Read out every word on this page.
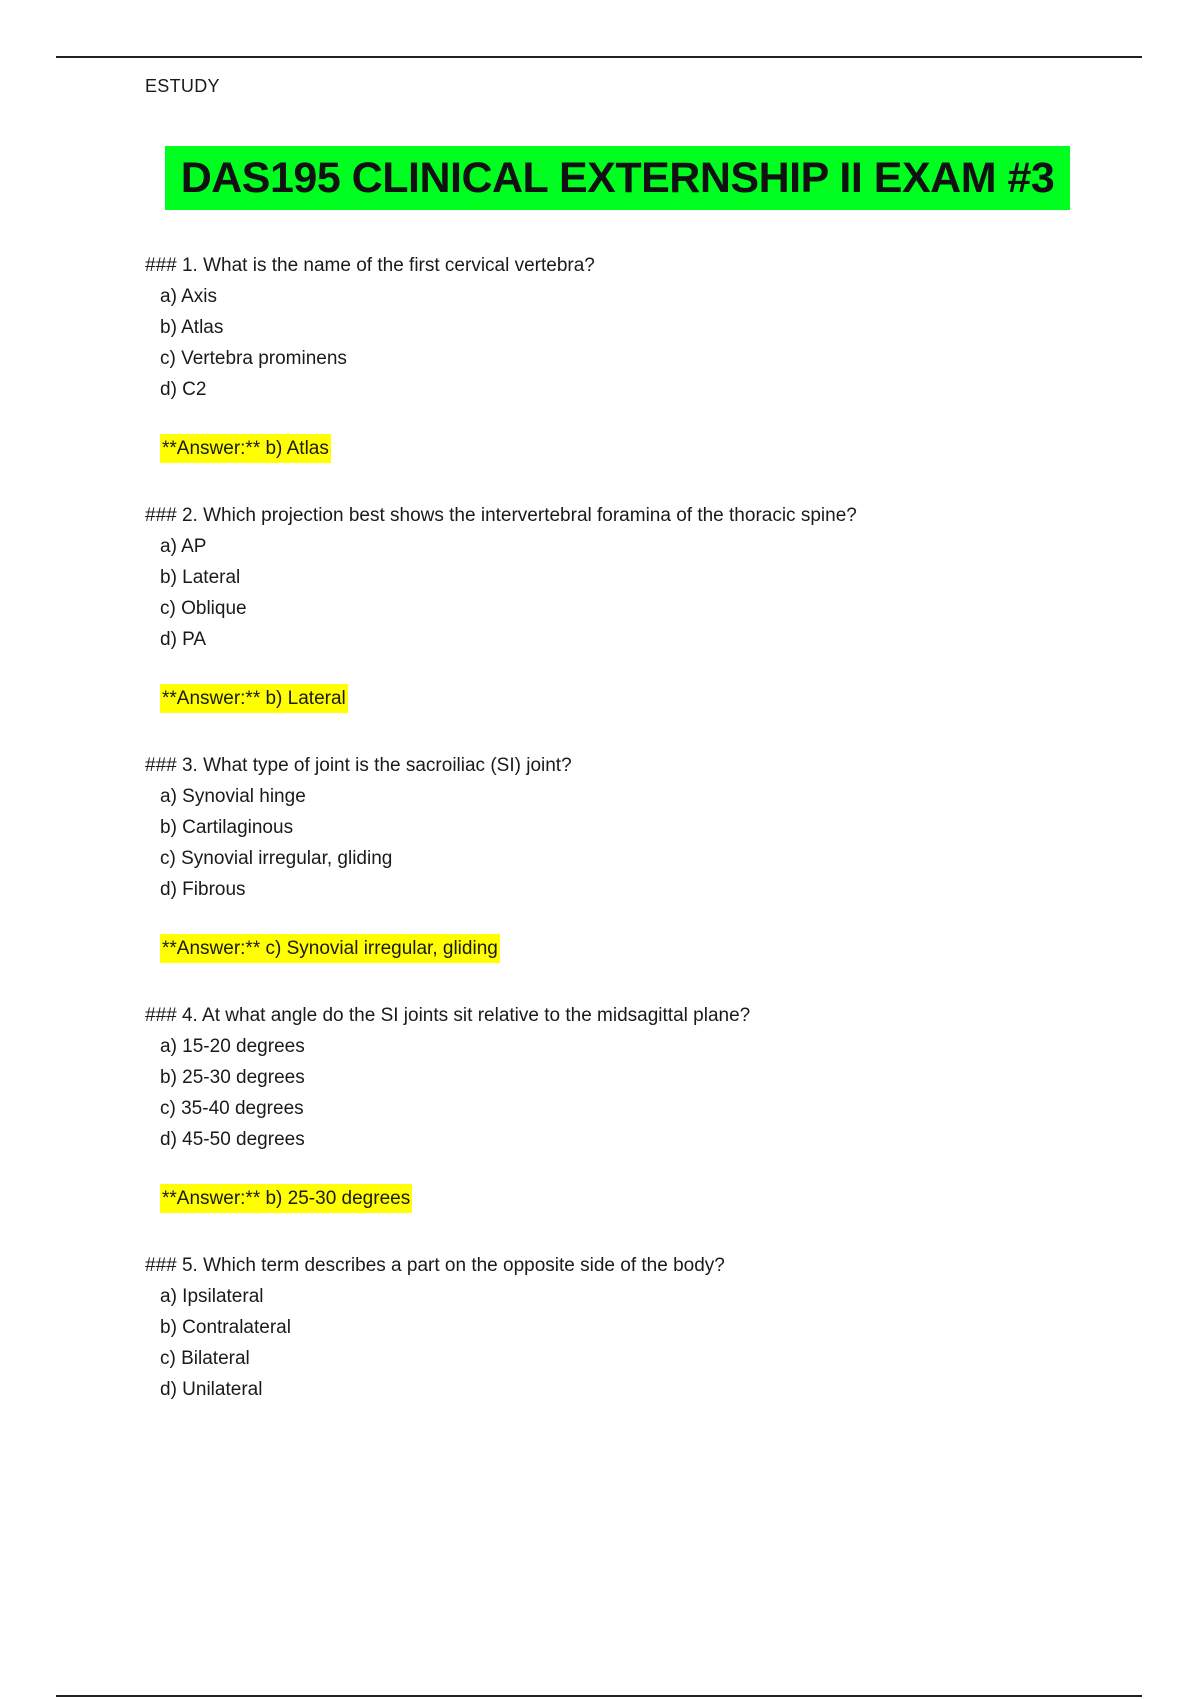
ESTUDY
DAS195 CLINICAL EXTERNSHIP II EXAM #3
### 1. What is the name of the first cervical vertebra?
a) Axis
b) Atlas
c) Vertebra prominens
d) C2
**Answer:** b) Atlas
### 2. Which projection best shows the intervertebral foramina of the thoracic spine?
a) AP
b) Lateral
c) Oblique
d) PA
**Answer:** b) Lateral
### 3. What type of joint is the sacroiliac (SI) joint?
a) Synovial hinge
b) Cartilaginous
c) Synovial irregular, gliding
d) Fibrous
**Answer:** c) Synovial irregular, gliding
### 4. At what angle do the SI joints sit relative to the midsagittal plane?
a) 15-20 degrees
b) 25-30 degrees
c) 35-40 degrees
d) 45-50 degrees
**Answer:** b) 25-30 degrees
### 5. Which term describes a part on the opposite side of the body?
a) Ipsilateral
b) Contralateral
c) Bilateral
d) Unilateral
